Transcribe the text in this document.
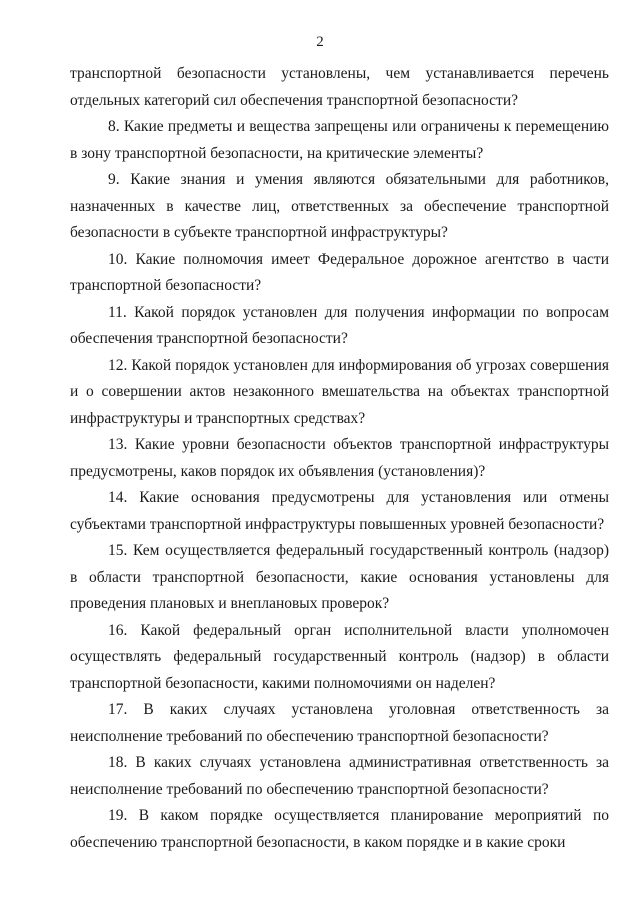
2

транспортной безопасности установлены, чем устанавливается перечень отдельных категорий сил обеспечения транспортной безопасности?

8. Какие предметы и вещества запрещены или ограничены к перемещению в зону транспортной безопасности, на критические элементы?

9. Какие знания и умения являются обязательными для работников, назначенных в качестве лиц, ответственных за обеспечение транспортной безопасности в субъекте транспортной инфраструктуры?

10. Какие полномочия имеет Федеральное дорожное агентство в части транспортной безопасности?

11. Какой порядок установлен для получения информации по вопросам обеспечения транспортной безопасности?

12. Какой порядок установлен для информирования об угрозах совершения и о совершении актов незаконного вмешательства на объектах транспортной инфраструктуры и транспортных средствах?

13. Какие уровни безопасности объектов транспортной инфраструктуры предусмотрены, каков порядок их объявления (установления)?

14. Какие основания предусмотрены для установления или отмены субъектами транспортной инфраструктуры повышенных уровней безопасности?

15. Кем осуществляется федеральный государственный контроль (надзор) в области транспортной безопасности, какие основания установлены для проведения плановых и внеплановых проверок?

16. Какой федеральный орган исполнительной власти уполномочен осуществлять федеральный государственный контроль (надзор) в области транспортной безопасности, какими полномочиями он наделен?

17. В каких случаях установлена уголовная ответственность за неисполнение требований по обеспечению транспортной безопасности?

18. В каких случаях установлена административная ответственность за неисполнение требований по обеспечению транспортной безопасности?

19. В каком порядке осуществляется планирование мероприятий по обеспечению транспортной безопасности, в каком порядке и в какие сроки
